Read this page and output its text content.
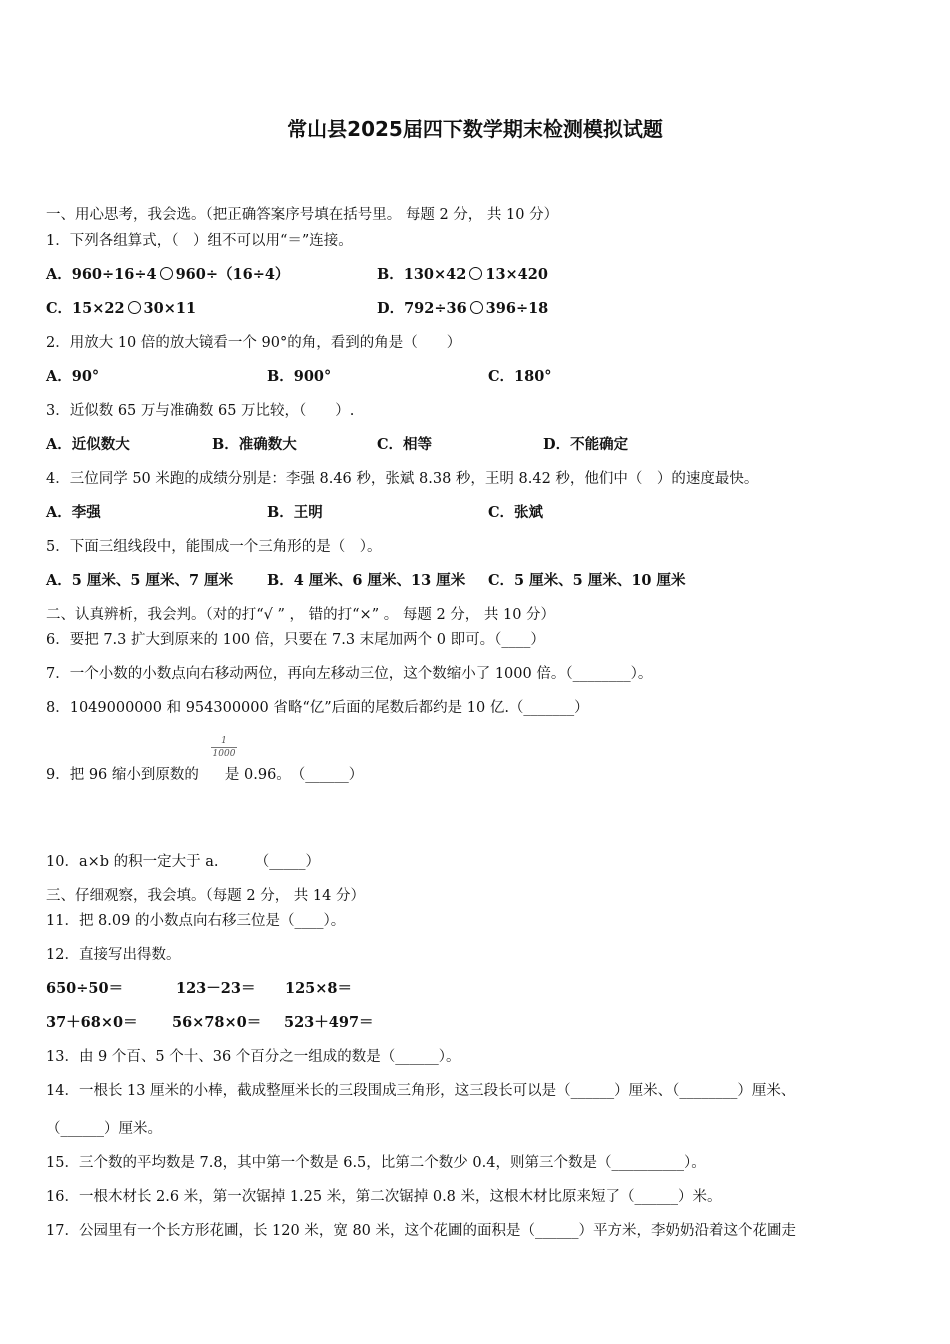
常山县2025届四下数学期末检测模拟试题
一、用心思考，我会选。（把正确答案序号填在括号里。 每题 2 分， 共 10 分）
1．下列各组算式，（　）组不可以用“＝”连接。
A．960÷16÷4 960÷（16÷4）	B．130×42 13×420
C．15×22 30×11	D．792÷36 396÷18
2．用放大 10 倍的放大镜看一个 90°的角，看到的角是（　　）
A．90°	B．900°	C．180°
3．近似数 65 万与准确数 65 万比较，（　　）.
A．近似数大	B．准确数大	C．相等	D．不能确定
4．三位同学 50 米跑的成绩分别是：李强 8.46 秒，张斌 8.38 秒，王明 8.42 秒，他们中（　）的速度最快。
A．李强	B．王明	C．张斌
5．下面三组线段中，能围成一个三角形的是（　）。
A．5 厘米、5 厘米、7 厘米 B．4 厘米、6 厘米、13 厘米 C．5 厘米、5 厘米、10 厘米
二、认真辨析，我会判。（对的打“√ ” ， 错的打“×” 。 每题 2 分， 共 10 分）
6．要把 7.3 扩大到原来的 100 倍，只要在 7.3 末尾加两个 0 即可。（____）
7．一个小数的小数点向右移动两位，再向左移动三位，这个数缩小了 1000 倍。（________）。
8．1049000000 和 954300000 省略“亿”后面的尾数后都约是 10 亿.（_______）
9．把 96 缩小到原数的 是 0.96。　（______）
$\frac{1}{1000}$
10．a×b 的积一定大于 a.　　　（_____）
三、仔细观察，我会填。（每题 2 分， 共 14 分）
11．把 8.09 的小数点向右移三位是（____）。
12．直接写出得数。
650÷50＝	123－23＝ 125×8＝
37＋68×0＝ 56×78×0＝ 523＋497＝
13．由 9 个百、5 个十、36 个百分之一组成的数是（______）。
14．一根长 13 厘米的小棒，截成整厘米长的三段围成三角形，这三段长可以是（______）厘米、（________）厘米、
（______）厘米。
15．三个数的平均数是 7.8，其中第一个数是 6.5，比第二个数少 0.4，则第三个数是（__________）。
16．一根木材长 2.6 米，第一次锯掉 1.25 米，第二次锯掉 0.8 米，这根木材比原来短了（______）米。
17．公园里有一个长方形花圃，长 120 米，宽 80 米，这个花圃的面积是（______）平方米，李奶奶沿着这个花圃走
